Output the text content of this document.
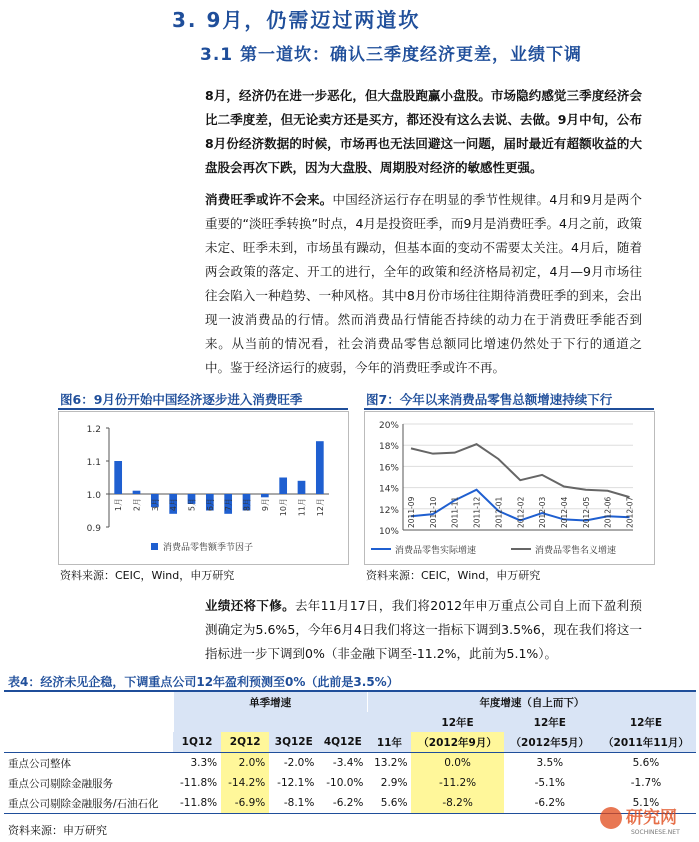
3. 9月，仍需迈过两道坎
3.1 第一道坎：确认三季度经济更差，业绩下调
8月，经济仍在进一步恶化，但大盘股跑赢小盘股。市场隐约感觉三季度经济会比二季度差，但无论卖方还是买方，都还没有这么去说、去做。9月中旬，公布8月份经济数据的时候，市场再也无法回避这一问题，届时最近有超额收益的大盘股会再次下跌，因为大盘股、周期股对经济的敏感性更强。
消费旺季或许不会来。中国经济运行存在明显的季节性规律。4月和9月是两个重要的“淡旺季转换”时点，4月是投资旺季，而9月是消费旺季。4月之前，政策未定、旺季未到，市场虽有躁动，但基本面的变动不需要太关注。4月后，随着两会政策的落定、开工的进行，全年的政策和经济格局初定，4月—9月市场往往会陷入一种趋势、一种风格。其中8月份市场往往期待消费旺季的到来，会出现一波消费品的行情。然而消费品行情能否持续的动力在于消费旺季能否到来。从当前的情况看，社会消费品零售总额同比增速仍然处于下行的通道之中。鉴于经济运行的疲弱，今年的消费旺季或许不再。
图6：9月份开始中国经济逐步进入消费旺季
0.9
1.0
1.1
1.2
1月 2月 3月 4月 5月 6月 7月 8月 9月 10月 11月 12月
消费品零售额季节因子
资料来源：CEIC，Wind，申万研究
图7：今年以来消费品零售总额增速持续下行
10%
12%
14%
16%
18%
20%
2011-09 2011-10 2011-11 2011-12 2012-01 2012-02 2012-03 2012-04 2012-05 2012-06 2012-07
消费品零售实际增速	消费品零售名义增速
资料来源：CEIC，Wind，申万研究
业绩还将下修。去年11月17日，我们将2012年申万重点公司自上而下盈利预测确定为5.6%5，今年6月4日我们将这一指标下调到3.5%6，现在我们将这一指标进一步下调到0%（非金融下调至-11.2%，此前为5.1%）。
表4：经济未见企稳，下调重点公司12年盈利预测至0%（此前是3.5%）
	单季增速				年度增速（自上而下）			
						12年E	12年E	12年E
	1Q12	2Q12	3Q12E	4Q12E	11年	（2012年9月）	（2012年5月）	（2011年11月）
重点公司整体	3.3%	2.0%	-2.0%	-3.4%	13.2%	0.0%	3.5%	5.6%
重点公司剔除金融服务	-11.8%	-14.2%	-12.1%	-10.0%	2.9%	-11.2%	-5.1%	-1.7%
重点公司剔除金融服务/石油石化	-11.8%	-6.9%	-8.1%	-6.2%	5.6%	-8.2%	-6.2%	5.1%
资料来源：申万研究
研究网
SOCHINESE.NET
